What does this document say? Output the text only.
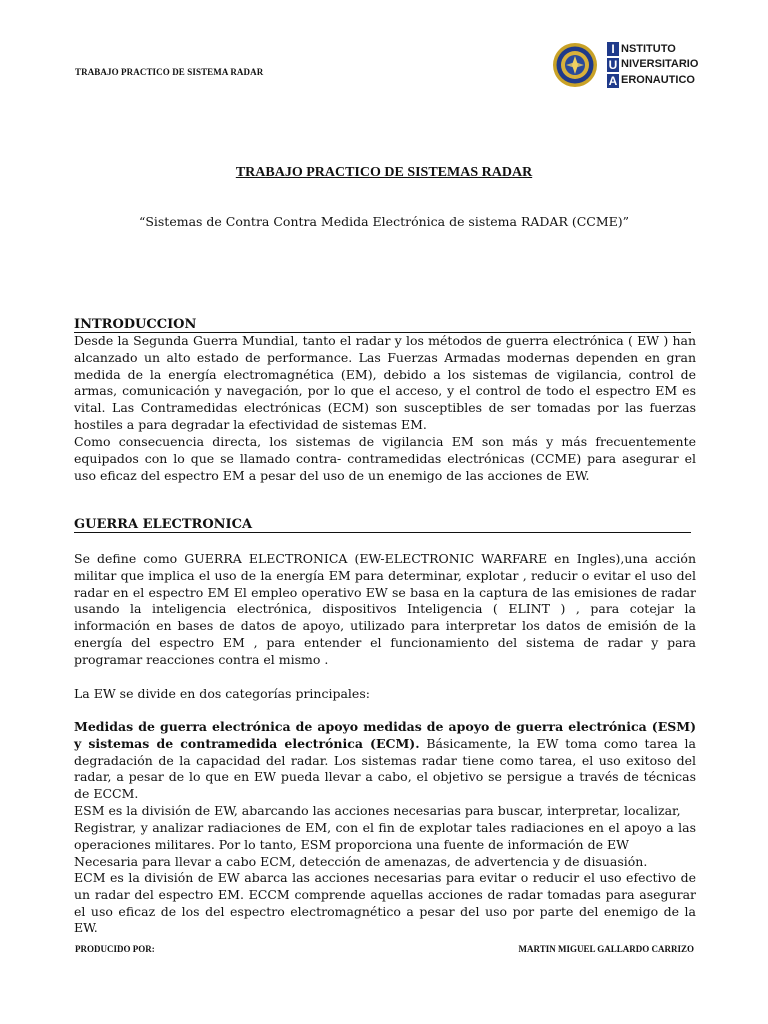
TRABAJO PRACTICO DE SISTEMA RADAR
I
U
A
NSTITUTO
NIVERSITARIO
ERONAUTICO
TRABAJO PRACTICO DE SISTEMAS RADAR
“Sistemas de Contra Contra Medida Electrónica de sistema RADAR (CCME)”
INTRODUCCION

Desde la Segunda Guerra Mundial, tanto el radar y los métodos de guerra electrónica ( EW ) han alcanzado un alto estado de performance. Las Fuerzas Armadas modernas dependen en gran medida de la energía electromagnética (EM), debido a los sistemas de vigilancia, control de armas, comunicación y navegación, por lo que el acceso, y el control de todo el espectro EM es vital. Las Contramedidas electrónicas (ECM) son susceptibles de ser tomadas por las fuerzas hostiles a para degradar la efectividad de sistemas EM.

Como consecuencia directa, los sistemas de vigilancia EM son más y más frecuentemente equipados con lo que se llamado contra- contramedidas electrónicas (CCME) para asegurar el uso eficaz del espectro EM a pesar del uso de un enemigo de las acciones de EW.

GUERRA ELECTRONICA

Se define como GUERRA ELECTRONICA (EW-ELECTRONIC WARFARE en Ingles),una acción militar que implica el uso de la energía EM para determinar, explotar , reducir o evitar el uso del radar en el espectro EM El empleo operativo EW se basa en la captura de las emisiones de radar usando la inteligencia electrónica, dispositivos Inteligencia ( ELINT ) , para cotejar la información en bases de datos de apoyo, utilizado para interpretar los datos de emisión de la energía del espectro EM , para entender el funcionamiento del sistema de radar y para programar reacciones contra el mismo .

La EW se divide en dos categorías principales:

Medidas de guerra electrónica de apoyo medidas de apoyo de guerra electrónica (ESM) y sistemas de contramedida electrónica (ECM). Básicamente, la EW toma como tarea la degradación de la capacidad del radar. Los sistemas radar tiene como tarea, el uso exitoso del radar, a pesar de lo que en EW pueda llevar a cabo, el objetivo se persigue a través de técnicas de ECCM.

ESM es la división de EW, abarcando las acciones necesarias para buscar, interpretar, localizar,

Registrar, y analizar radiaciones de EM, con el fin de explotar tales radiaciones en el apoyo a las operaciones militares. Por lo tanto, ESM proporciona una fuente de información de EW

Necesaria para llevar a cabo ECM, detección de amenazas, de advertencia y de disuasión.

ECM es la división de EW abarca las acciones necesarias para evitar o reducir el uso efectivo de un radar del espectro EM. ECCM comprende aquellas acciones de radar tomadas para asegurar el uso eficaz de los del espectro electromagnético a pesar del uso por parte del enemigo de la EW.

PRODUCIDO POR:	MARTIN MIGUEL GALLARDO CARRIZO
